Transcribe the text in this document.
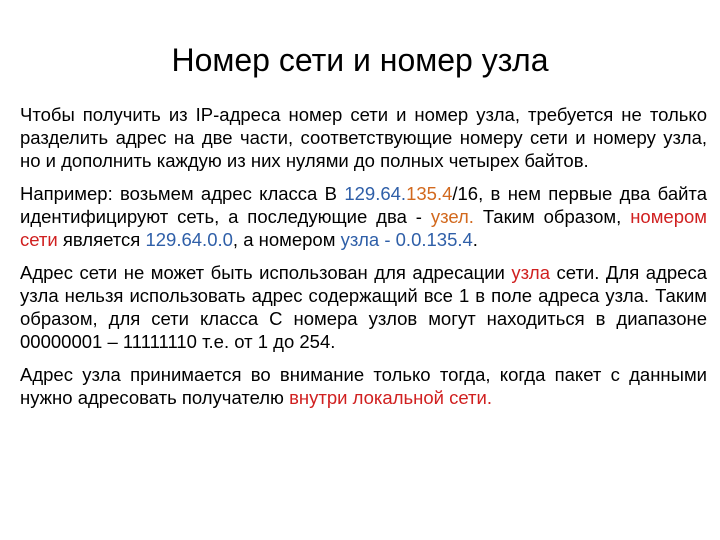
Номер сети и номер узла

Чтобы получить из IP-адреса номер сети и номер узла, требуется не только разделить адрес на две части, соответствующие номеру сети и номеру узла, но и дополнить каждую из них нулями до полных четырех байтов.

Например: возьмем адрес класса В 129.64.135.4/16, в нем первые два байта идентифицируют сеть, а последующие два - узел. Таким образом, номером сети является 129.64.0.0, а номером узла - 0.0.135.4.

Адрес сети не может быть использован для адресации узла сети. Для адреса узла нельзя использовать адрес содержащий все 1 в поле адреса узла. Таким образом, для сети класса С номера узлов могут находиться в диапазоне 00000001 – 11111110 т.е. от 1 до 254.

Адрес узла принимается во внимание только тогда, когда пакет с данными нужно адресовать получателю внутри локальной сети.
